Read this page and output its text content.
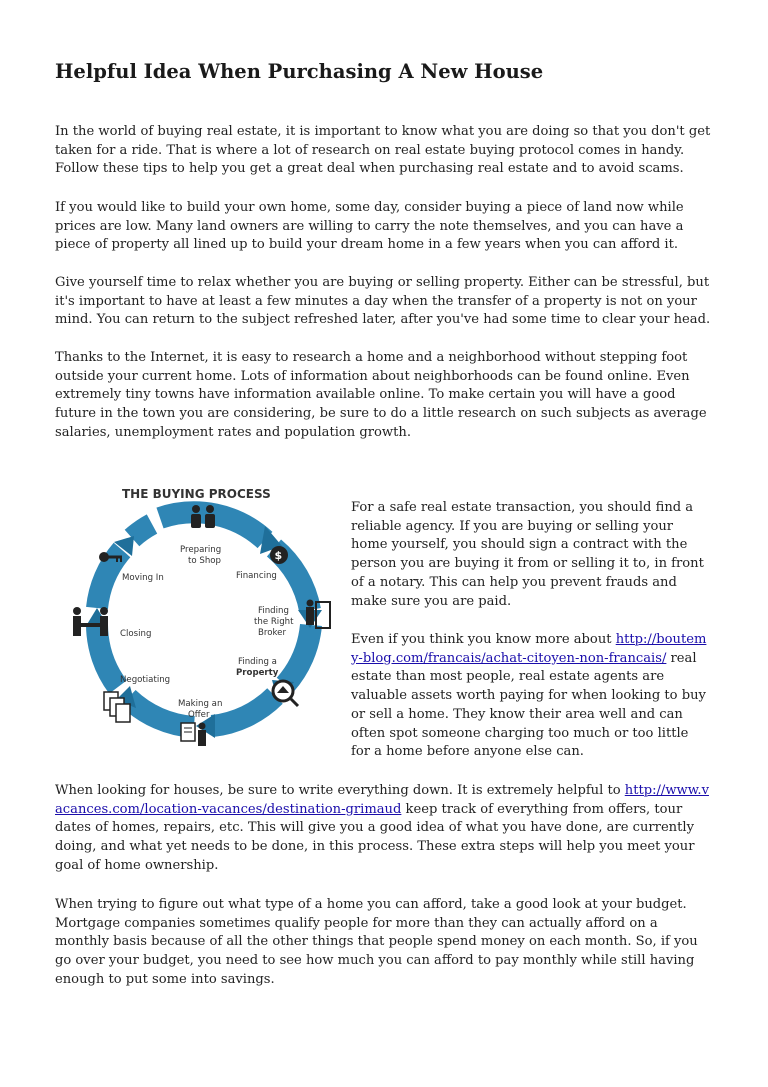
Helpful Idea When Purchasing A New House

In the world of buying real estate, it is important to know what you are doing so that you don't get taken for a ride. That is where a lot of research on real estate buying protocol comes in handy. Follow these tips to help you get a great deal when purchasing real estate and to avoid scams.

If you would like to build your own home, some day, consider buying a piece of land now while prices are low. Many land owners are willing to carry the note themselves, and you can have a piece of property all lined up to build your dream home in a few years when you can afford it.

Give yourself time to relax whether you are buying or selling property. Either can be stressful, but it's important to have at least a few minutes a day when the transfer of a property is not on your mind. You can return to the subject refreshed later, after you've had some time to clear your head.

Thanks to the Internet, it is easy to research a home and a neighborhood without stepping foot outside your current home. Lots of information about neighborhoods can be found online. Even extremely tiny towns have information available online. To make certain you will have a good future in the town you are considering, be sure to do a little research on such subjects as average salaries, unemployment rates and population growth.

THE BUYING PROCESS
Preparing
to Shop
Financing
Finding
the Right
Broker
Finding a
Property
Making an
Offer
Negotiating
Closing
Moving In
$

For a safe real estate transaction, you should find a reliable agency. If you are buying or selling your home yourself, you should sign a contract with the person you are buying it from or selling it to, in front of a notary. This can help you prevent frauds and make sure you are paid.

Even if you think you know more about http://boutemy-blog.com/francais/achat-citoyen-non-francais/ real estate than most people, real estate agents are valuable assets worth paying for when looking to buy or sell a home. They know their area well and can often spot someone charging too much or too little for a home before anyone else can.

When looking for houses, be sure to write everything down. It is extremely helpful to http://www.vacances.com/location-vacances/destination-grimaud keep track of everything from offers, tour dates of homes, repairs, etc. This will give you a good idea of what you have done, are currently doing, and what yet needs to be done, in this process. These extra steps will help you meet your goal of home ownership.

When trying to figure out what type of a home you can afford, take a good look at your budget. Mortgage companies sometimes qualify people for more than they can actually afford on a monthly basis because of all the other things that people spend money on each month. So, if you go over your budget, you need to see how much you can afford to pay monthly while still having enough to put some into savings.
